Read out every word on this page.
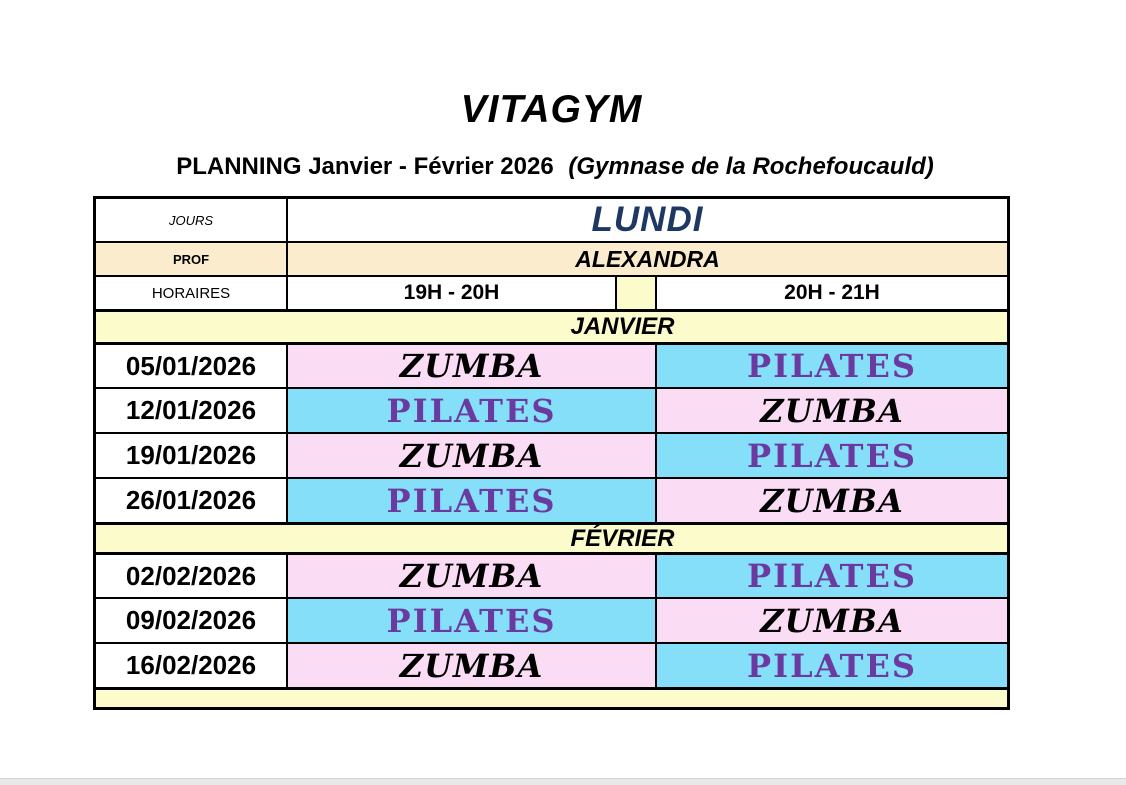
VITAGYM
PLANNING Janvier - Février 2026 (Gymnase de la Rochefoucauld)
JOURS	LUNDI
PROF	ALEXANDRA
HORAIRES	19H - 20H	20H - 21H
JANVIER
05/01/2026	ZUMBA	PILATES
12/01/2026	PILATES	ZUMBA
19/01/2026	ZUMBA	PILATES
26/01/2026	PILATES	ZUMBA
FÉVRIER
02/02/2026	ZUMBA	PILATES
09/02/2026	PILATES	ZUMBA
16/02/2026	ZUMBA	PILATES
